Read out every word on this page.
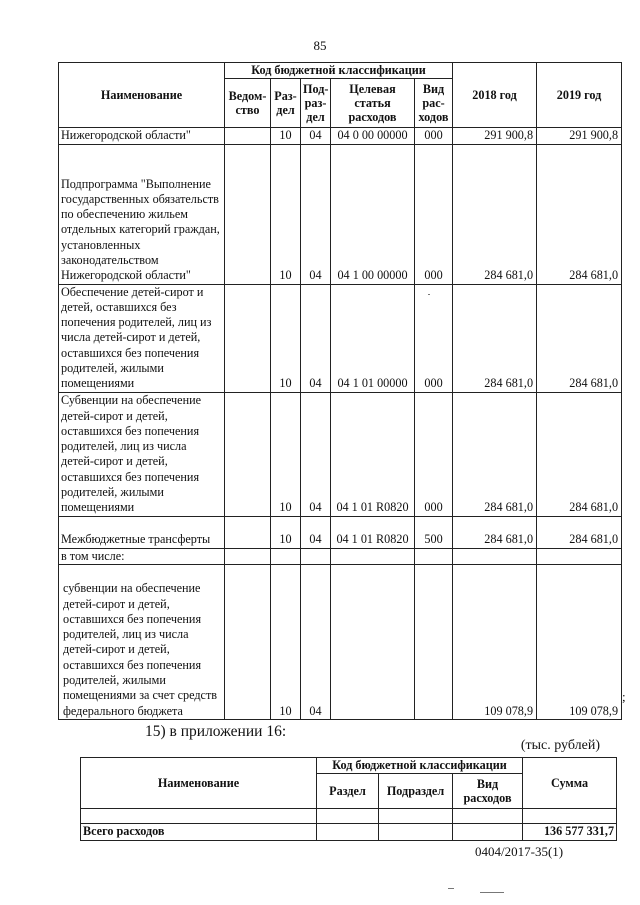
85
Наименование	Код бюджетной классификации					2018 год	2019 год
	Ведом-ство	Раз-дел	Под-раз-дел	Целевая статья расходов	Вид рас-ходов		
Нижегородской области"		10	04	04 0 00 00000	000	291 900,8	291 900,8
Подпрограмма "Выполнение государственных обязательств по обеспечению жильем отдельных категорий граждан, установленных законодательством Нижегородской области"		10	04	04 1 00 00000	000	284 681,0	284 681,0
Обеспечение детей-сирот и детей, оставшихся без попечения родителей, лиц из числа детей-сирот и детей, оставшихся без попечения родителей, жилыми помещениями		10	04	04 1 01 00000	000	284 681,0	284 681,0
Субвенции на обеспечение детей-сирот и детей, оставшихся без попечения родителей, лиц из числа детей-сирот и детей, оставшихся без попечения родителей, жилыми помещениями		10	04	04 1 01 R0820	000	284 681,0	284 681,0
Межбюджетные трансферты		10	04	04 1 01 R0820	500	284 681,0	284 681,0
в том числе:							
субвенции на обеспечение детей-сирот и детей, оставшихся без попечения родителей, лиц из числа детей-сирот и детей, оставшихся без попечения родителей, жилыми помещениями за счет средств федерального бюджета		10	04			109 078,9	109 078,9
;
15) в приложении 16:
(тыс. рублей)
Наименование	Код бюджетной классификации			Сумма
	Раздел	Подраздел	Вид расходов	

Всего расходов				136 577 331,7
0404/2017-35(1)
